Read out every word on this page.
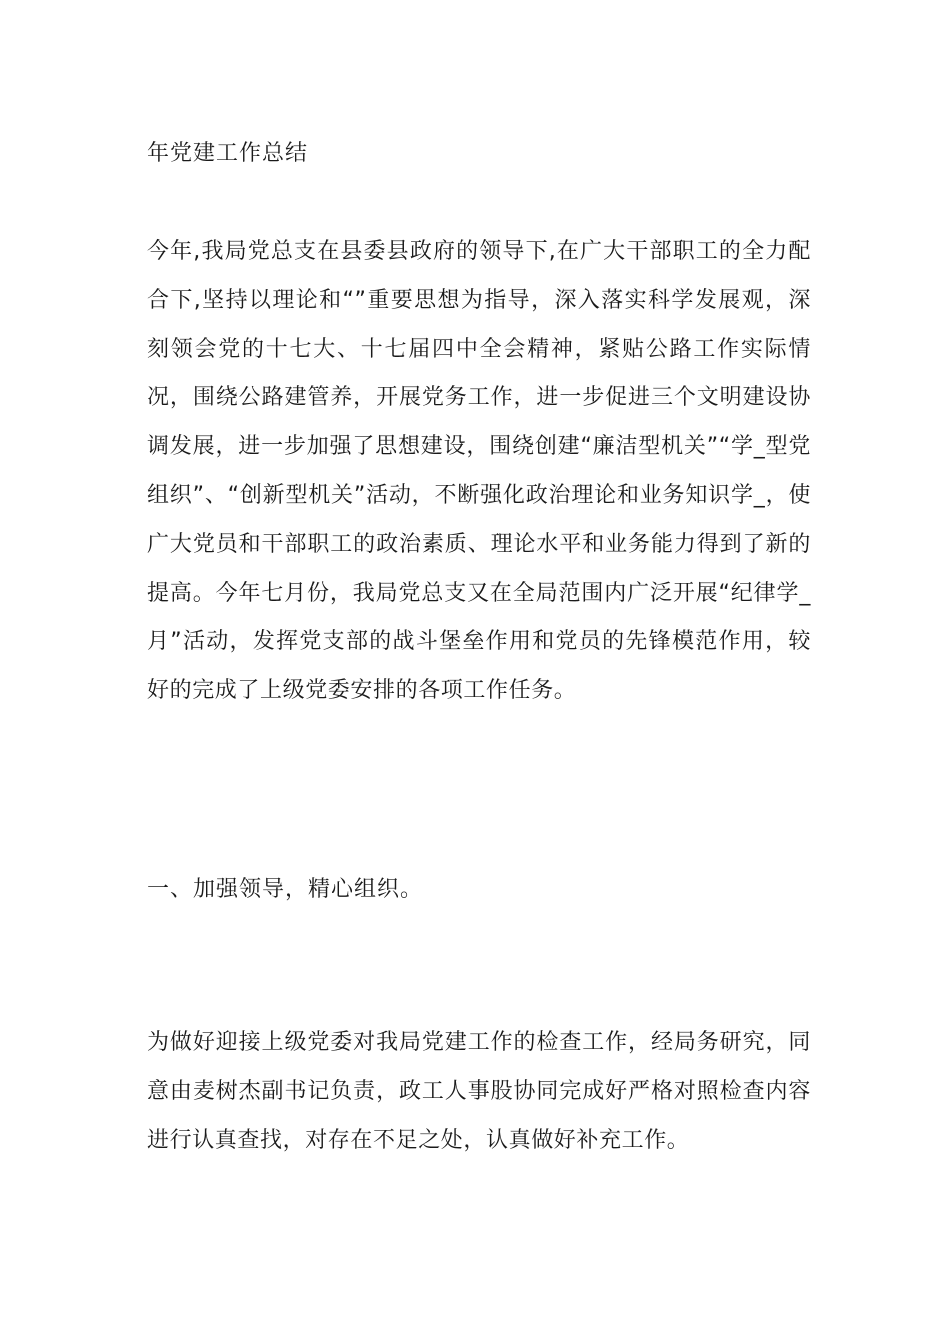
年党建工作总结
今年,我局党总支在县委县政府的领导下,在广大干部职工的全力配合下,坚持以理论和“”重要思想为指导，深入落实科学发展观，深刻领会党的十七大、十七届四中全会精神，紧贴公路工作实际情况，围绕公路建管养，开展党务工作，进一步促进三个文明建设协调发展，进一步加强了思想建设，围绕创建“廉洁型机关”“学_型党组织”、“创新型机关”活动，不断强化政治理论和业务知识学_，使广大党员和干部职工的政治素质、理论水平和业务能力得到了新的提高。今年七月份，我局党总支又在全局范围内广泛开展“纪律学_月”活动，发挥党支部的战斗堡垒作用和党员的先锋模范作用，较好的完成了上级党委安排的各项工作任务。
一、加强领导，精心组织。
为做好迎接上级党委对我局党建工作的检查工作，经局务研究，同意由麦树杰副书记负责，政工人事股协同完成好严格对照检查内容进行认真查找，对存在不足之处，认真做好补充工作。
